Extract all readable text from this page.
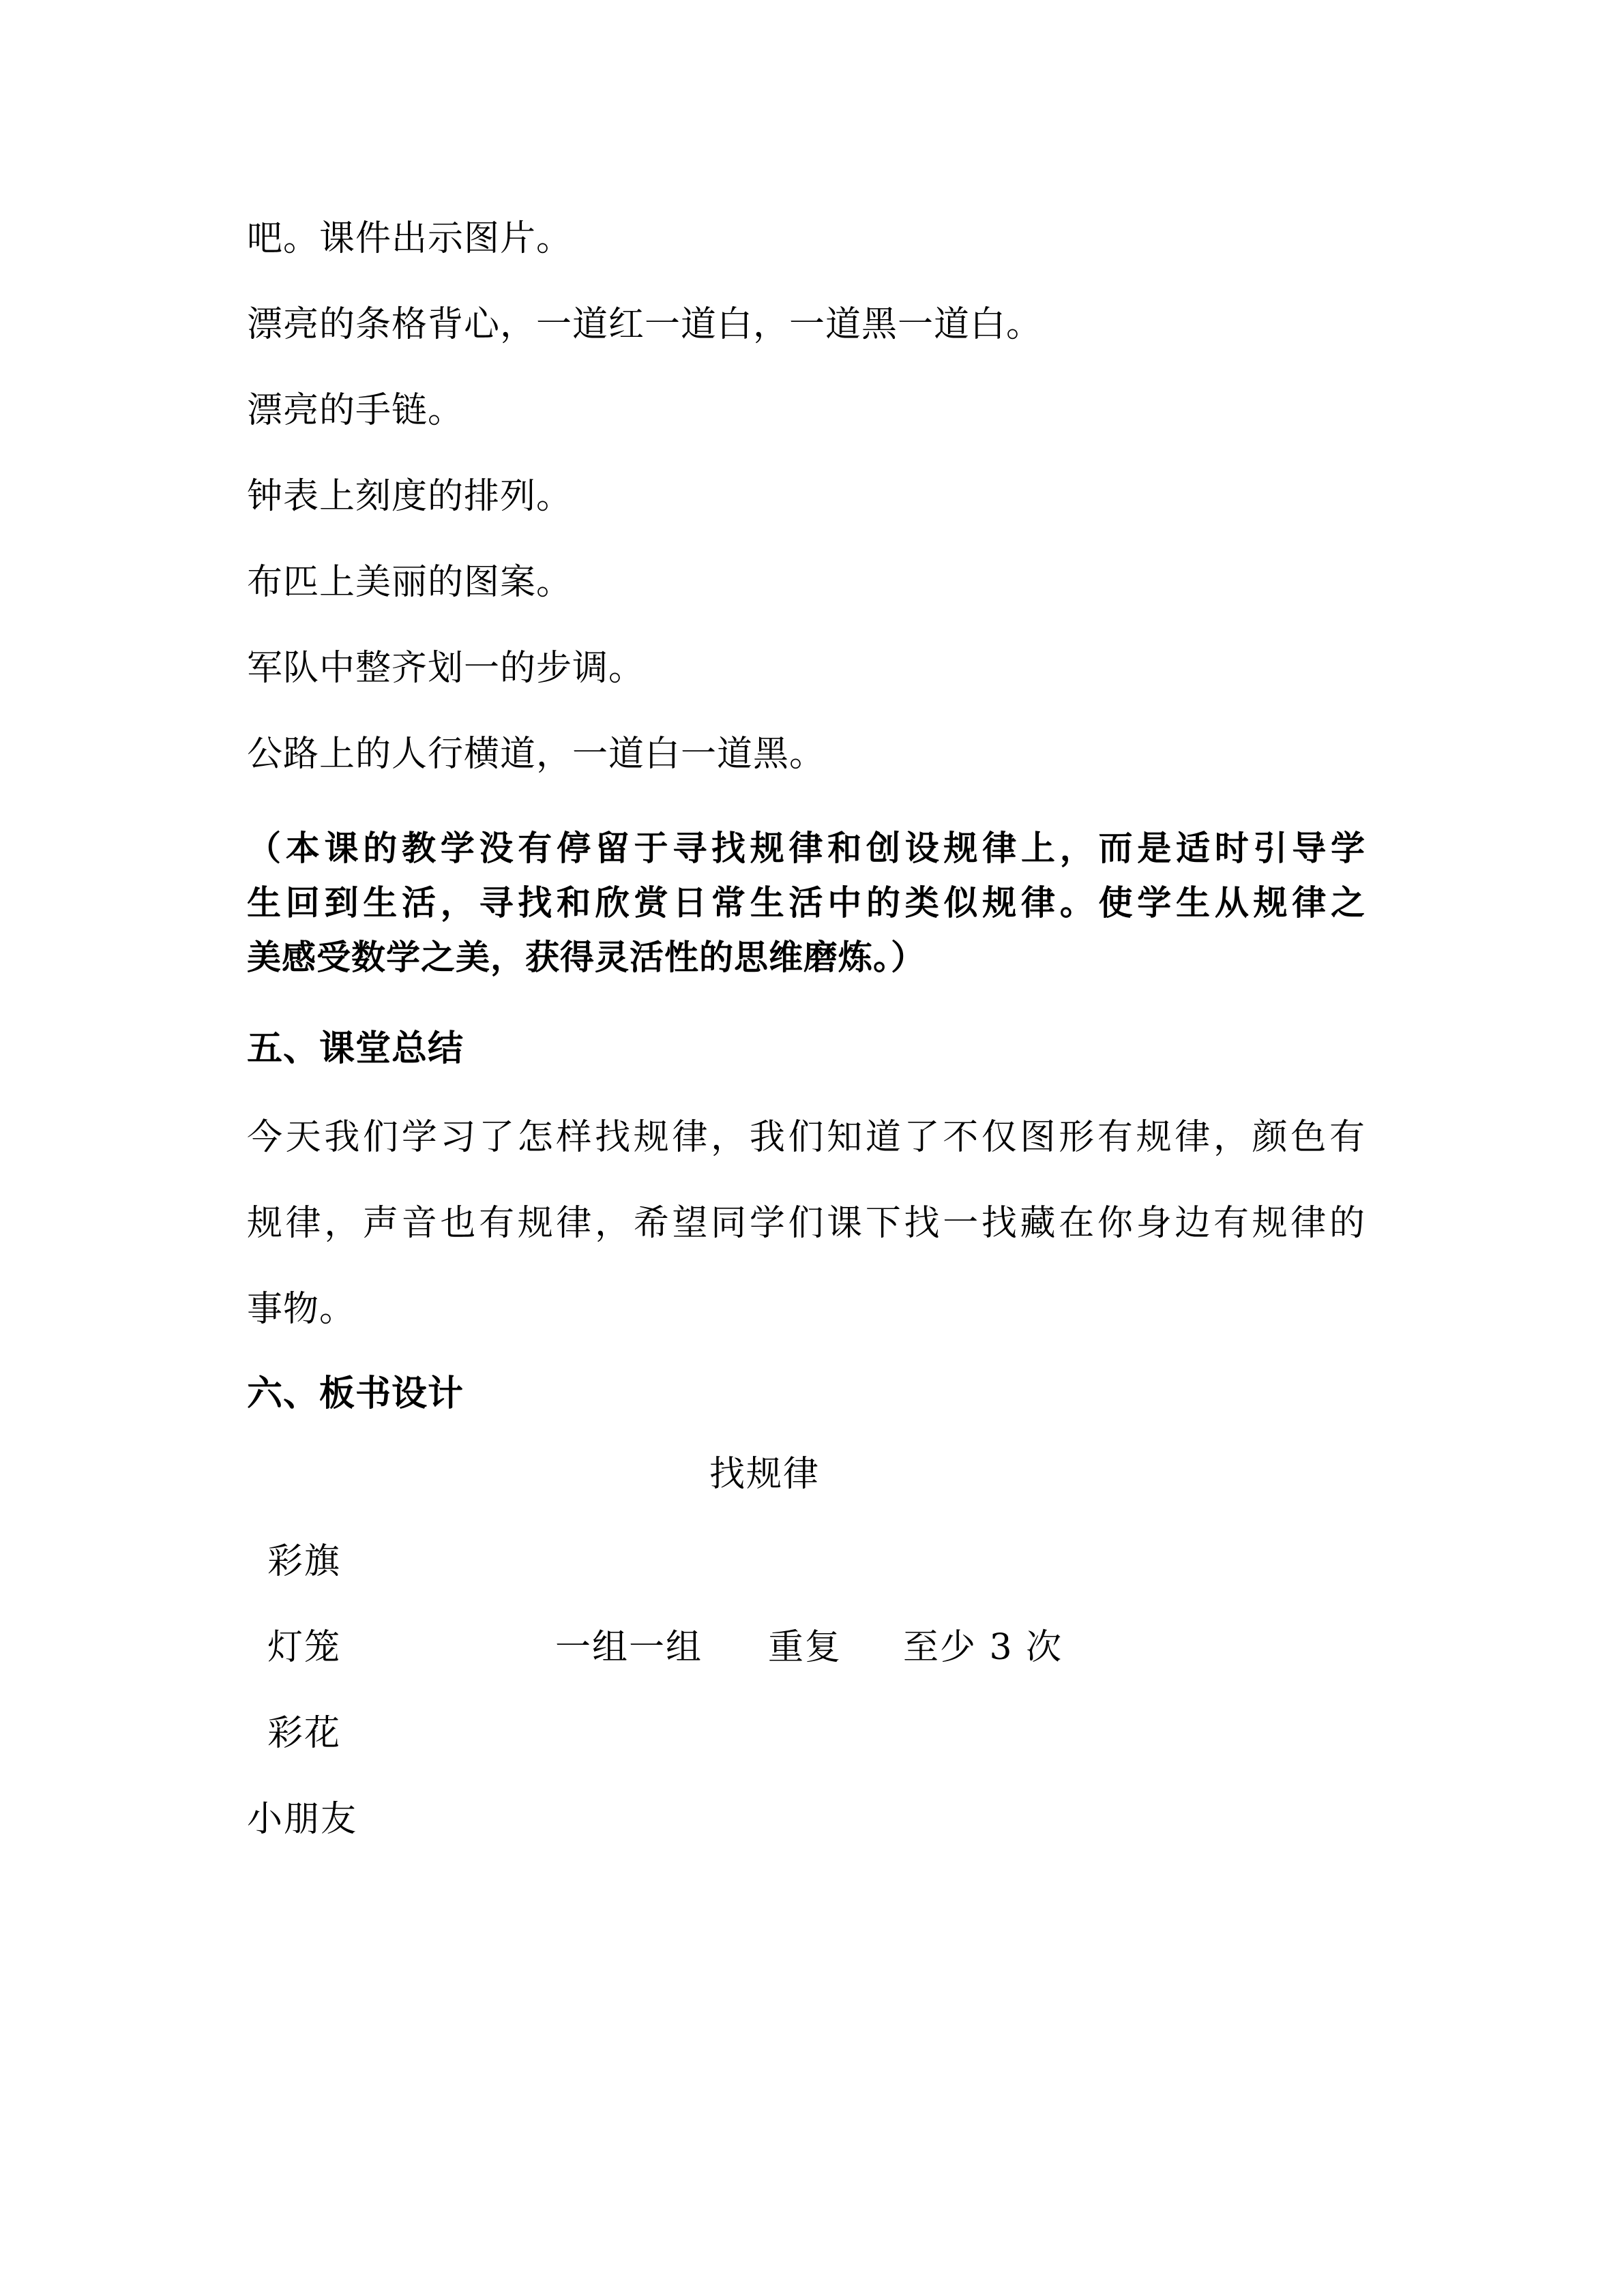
吧。课件出示图片。
漂亮的条格背心，一道红一道白，一道黑一道白。
漂亮的手链。
钟表上刻度的排列。
布匹上美丽的图案。
军队中整齐划一的步调。
公路上的人行横道，一道白一道黑。
（本课的教学没有停留于寻找规律和创设规律上，而是适时引导学
生回到生活，寻找和欣赏日常生活中的类似规律。使学生从规律之
美感受数学之美，获得灵活性的思维磨炼。）
五、课堂总结
今天我们学习了怎样找规律，我们知道了不仅图形有规律，颜色有
规律，声音也有规律，希望同学们课下找一找藏在你身边有规律的
事物。
六、板书设计
找规律
彩旗
灯笼
彩花
小朋友
一组一组 重复 至少 3 次
